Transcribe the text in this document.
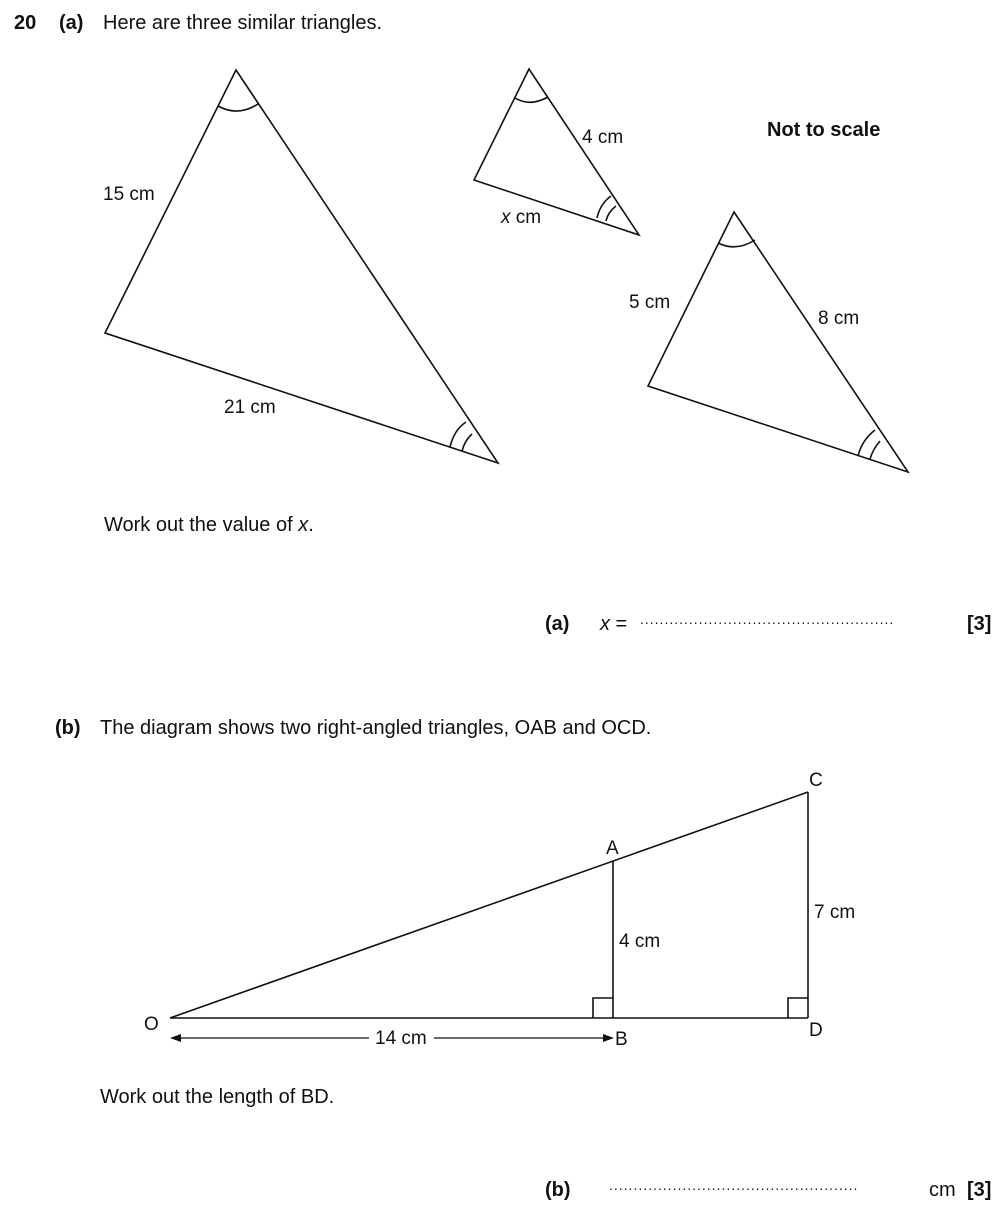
20 (a) Here are three similar triangles.
Not to scale
15 cm
21 cm
4 cm
x cm
5 cm
8 cm
O
A
B
C
D
4 cm
7 cm
14 cm
Work out the value of x.
(a) x = ....................................................	[3]
(b) The diagram shows two right-angled triangles, OAB and OCD.
Work out the length of BD.
(b)	...................................................	cm [3]
